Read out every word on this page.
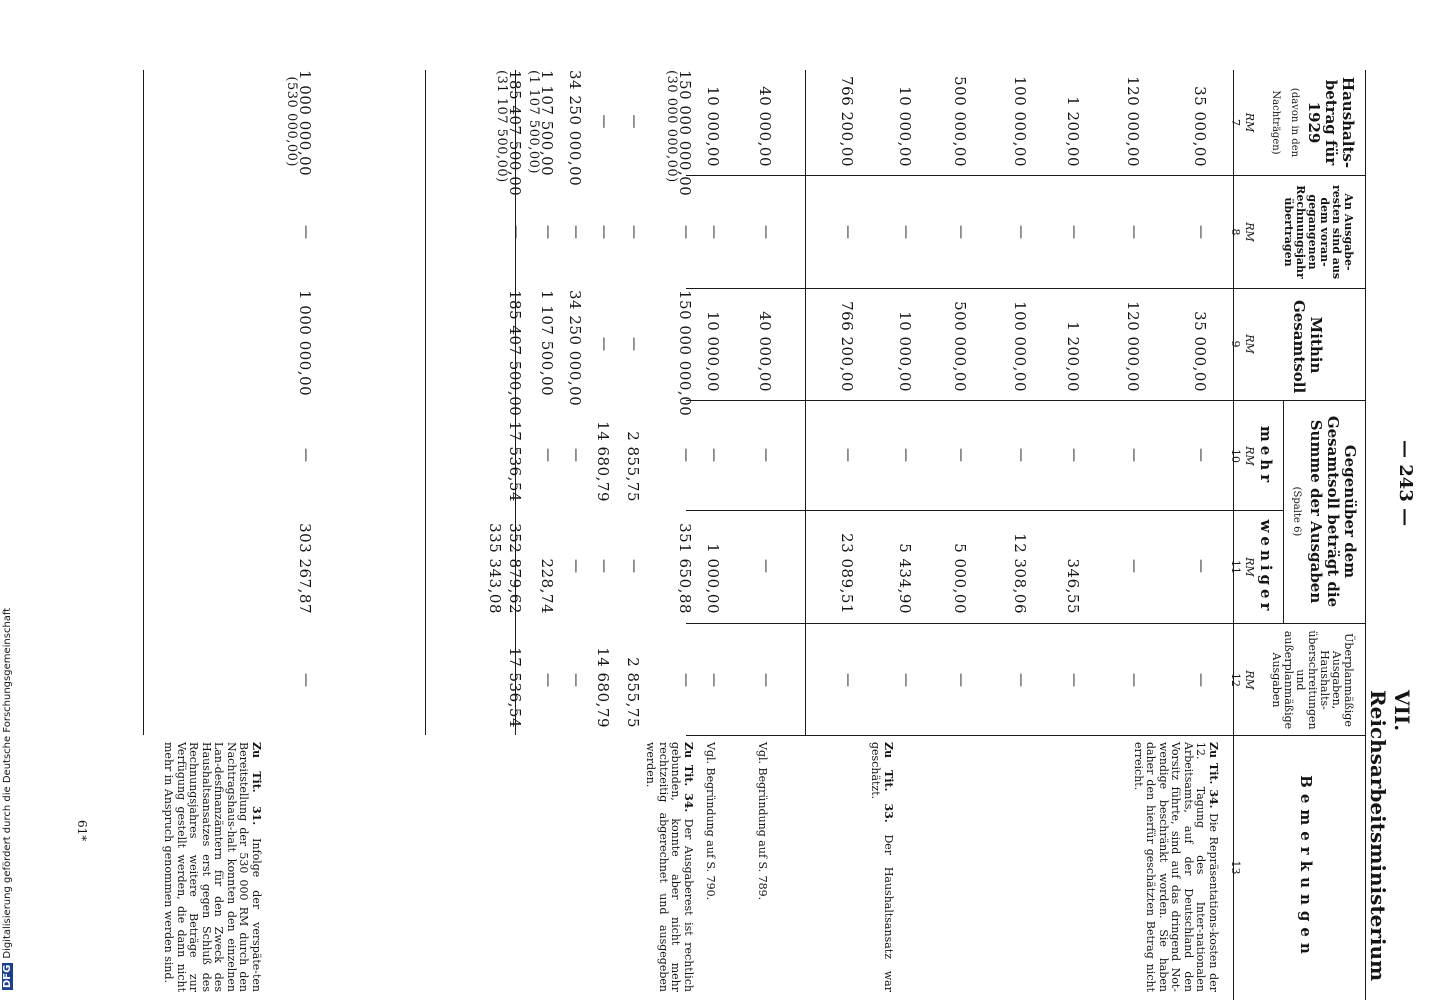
VII. Reichsarbeitsministerium
— 243 —
Haushalts-betrag für 1929
(davon in den Nachträgen)
An Ausgabe-resten sind aus dem voran-gegangenen Rechnungsjahr übertragen
Mithin Gesamtsoll
Gegenüber dem Gesamtsoll beträgt die Summe der Ausgaben
(Spalte 6)
mehr
weniger
Überplanmäßige Ausgaben, Haushalts-überschreitungen und außerplanmäßige Ausgaben
Bemerkungen
RM
RM
RM
RM
RM
RM
7
8
9
10
11
12
13
35 000,00
—
35 000,00
—
—
—
120 000,00
—
120 000,00
—
—
—
1 200,00
—
1 200,00
—
346,55
—
100 000,00
—
100 000,00
—
12 308,06
—
500 000,00
—
500 000,00
—
5 000,00
—
10 000,00
—
10 000,00
—
5 434,90
—
766 200,00
—
766 200,00
—
23 089,51
—
40 000,00
—
40 000,00
—
—
—
10 000,00
—
10 000,00
—
1 000,00
—
150 000 000,00
(30 000 000,00)
—
150 000 000,00
—
351 650,88
—
—
—
—
2 855,75
—
2 855,75
—
—
—
14 680,79
—
14 680,79
34 250 000,00
—
34 250 000,00
—
—
—
1 107 500,00
(1 107 500,00)
—
1 107 500,00
—
228,74
—
185 407 500,00
(31 107 500,00)
—
185 407 500,00
17 536,54
352 879,62
335 343,08
17 536,54
1 000 000,00
(530 000,00)
—
1 000 000,00
—
303 267,87
—
Zu Tit. 34. Die Repräsentations-kosten der 12. Tagung des Inter-nationalen Arbeitsamts, auf der Deutschland den Vorsitz führte, sind auf das dringend Not-wendige beschränkt worden. Sie haben daher den hierfür geschätzten Betrag nicht erreicht.
Zu Tit. 33. Der Haushaltsansatz war geschätzt.
Vgl. Begründung auf S. 789.
Vgl. Begründung auf S. 790.
Zu Tit. 34. Der Ausgaberest ist rechtlich gebunden, konnte aber nicht mehr rechtzeitig abgerechnet und ausgegeben werden.
Zu Tit. 31. Infolge der verspäte-ten Bereitstellung der 530 000 RM durch den Nachtragshaus-halt konnten den einzelnen Lan-desfinanzämtern für den Zweck des Haushaltsansatzes erst gegen Schluß des Rechnungsjahres weitere Beträge zur Verfügung gestellt werden, die dann nicht mehr in Anspruch genommen werden sind.
61*
DFGDigitalisierung gefördert durch die Deutsche Forschungsgemeinschaft
